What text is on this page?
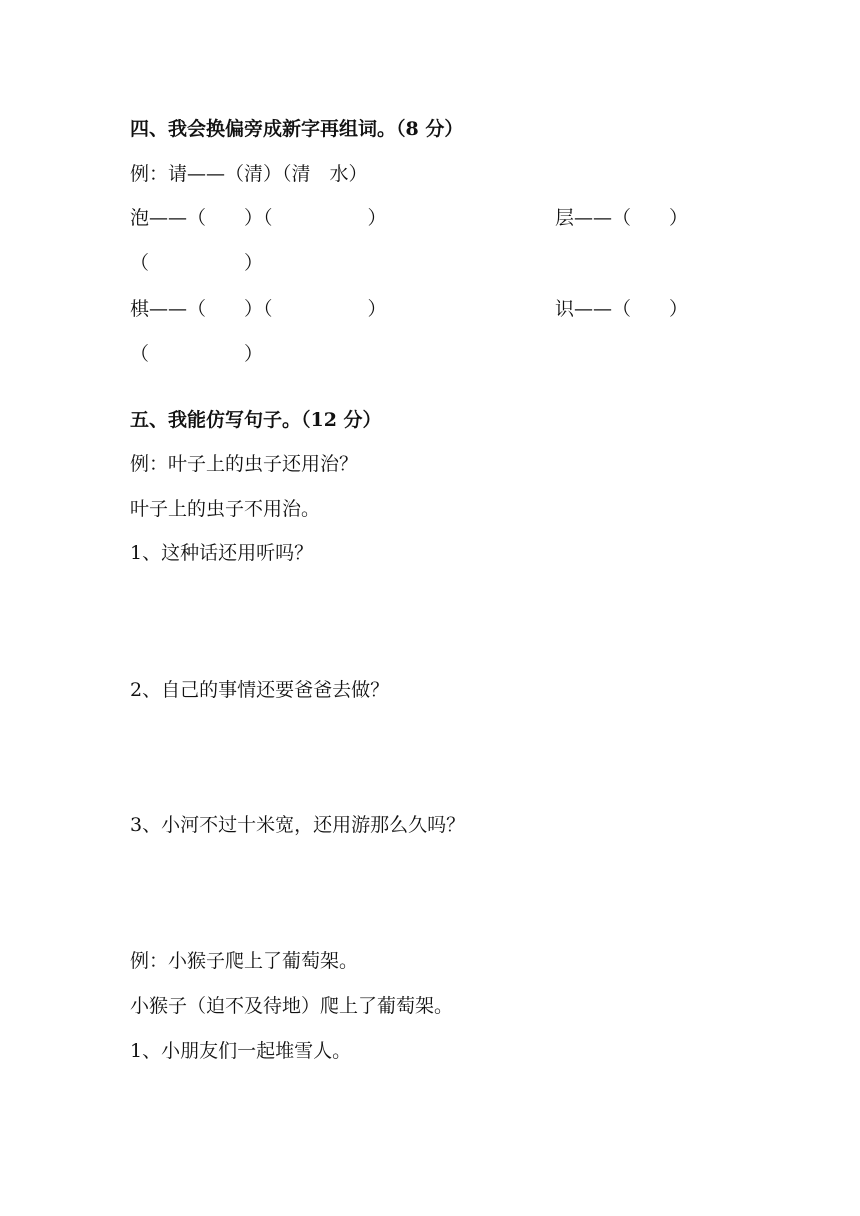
四、我会换偏旁成新字再组词。（8 分）
例：请——（清）（清　水）
泡——（　　）（　　　　　）	层——（　　）
（　　　　　）
棋——（　　）（　　　　　）	识——（　　）
（　　　　　）
五、我能仿写句子。（12 分）
例：叶子上的虫子还用治？
叶子上的虫子不用治。
1、这种话还用听吗？
2、自己的事情还要爸爸去做？
3、小河不过十米宽，还用游那么久吗？
例：小猴子爬上了葡萄架。
小猴子（迫不及待地）爬上了葡萄架。
1、小朋友们一起堆雪人。
